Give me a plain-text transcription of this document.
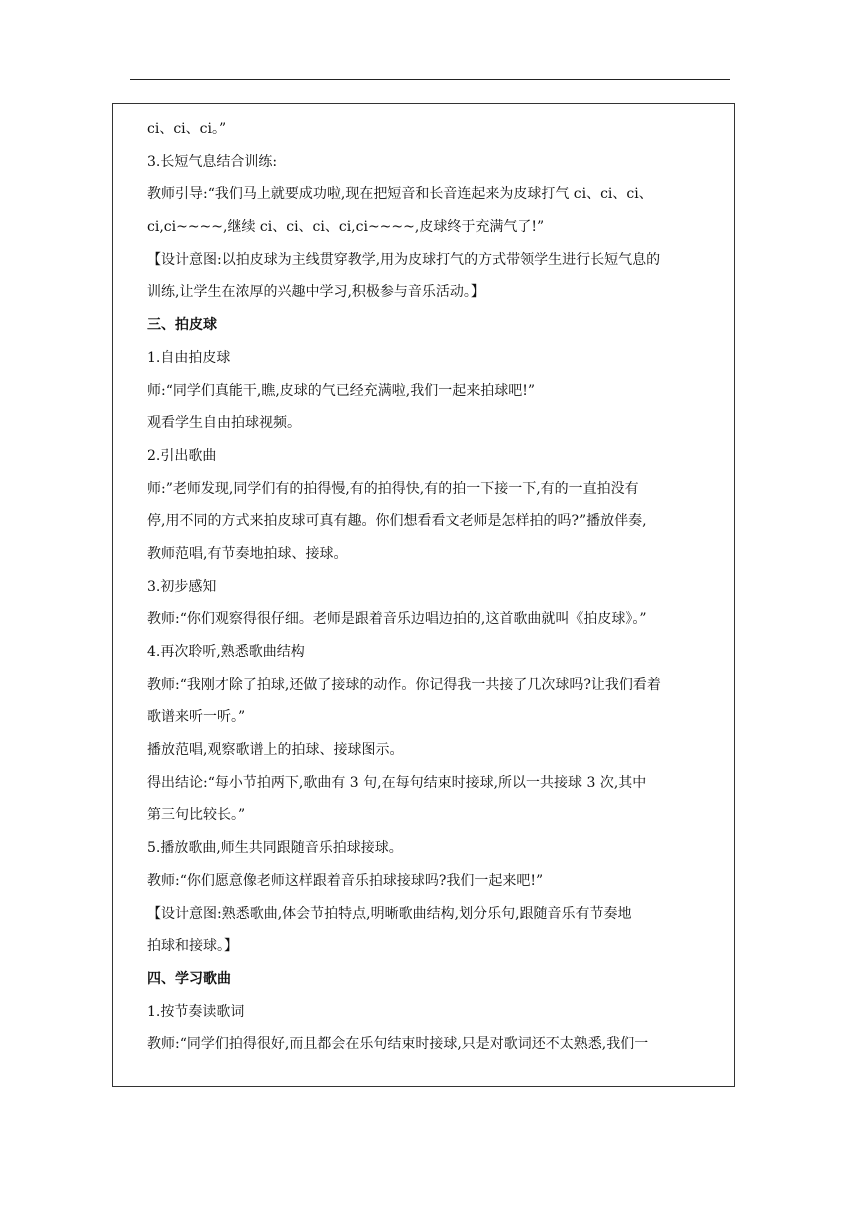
ci、ci、ci。”
3.长短气息结合训练:
教师引导:“我们马上就要成功啦,现在把短音和长音连起来为皮球打气 ci、ci、ci、
ci,ci~~~~,继续 ci、ci、ci、ci,ci~~~~,皮球终于充满气了!”
【设计意图:以拍皮球为主线贯穿教学,用为皮球打气的方式带领学生进行长短气息的
训练,让学生在浓厚的兴趣中学习,积极参与音乐活动。】
三、拍皮球
1.自由拍皮球
师:“同学们真能干,瞧,皮球的气已经充满啦,我们一起来拍球吧!”
观看学生自由拍球视频。
2.引出歌曲
师:”老师发现,同学们有的拍得慢,有的拍得快,有的拍一下接一下,有的一直拍没有
停,用不同的方式来拍皮球可真有趣。你们想看看文老师是怎样拍的吗?”播放伴奏,
教师范唱,有节奏地拍球、接球。
3.初步感知
教师:“你们观察得很仔细。老师是跟着音乐边唱边拍的,这首歌曲就叫《拍皮球》。”
4.再次聆听,熟悉歌曲结构
教师:“我刚才除了拍球,还做了接球的动作。你记得我一共接了几次球吗?让我们看着
歌谱来听一听。”
播放范唱,观察歌谱上的拍球、接球图示。
得出结论:“每小节拍两下,歌曲有 3 句,在每句结束时接球,所以一共接球 3 次,其中
第三句比较长。”
5.播放歌曲,师生共同跟随音乐拍球接球。
教师:“你们愿意像老师这样跟着音乐拍球接球吗?我们一起来吧!”
【设计意图:熟悉歌曲,体会节拍特点,明晰歌曲结构,划分乐句,跟随音乐有节奏地
拍球和接球。】
四、学习歌曲
1.按节奏读歌词
教师:“同学们拍得很好,而且都会在乐句结束时接球,只是对歌词还不太熟悉,我们一
